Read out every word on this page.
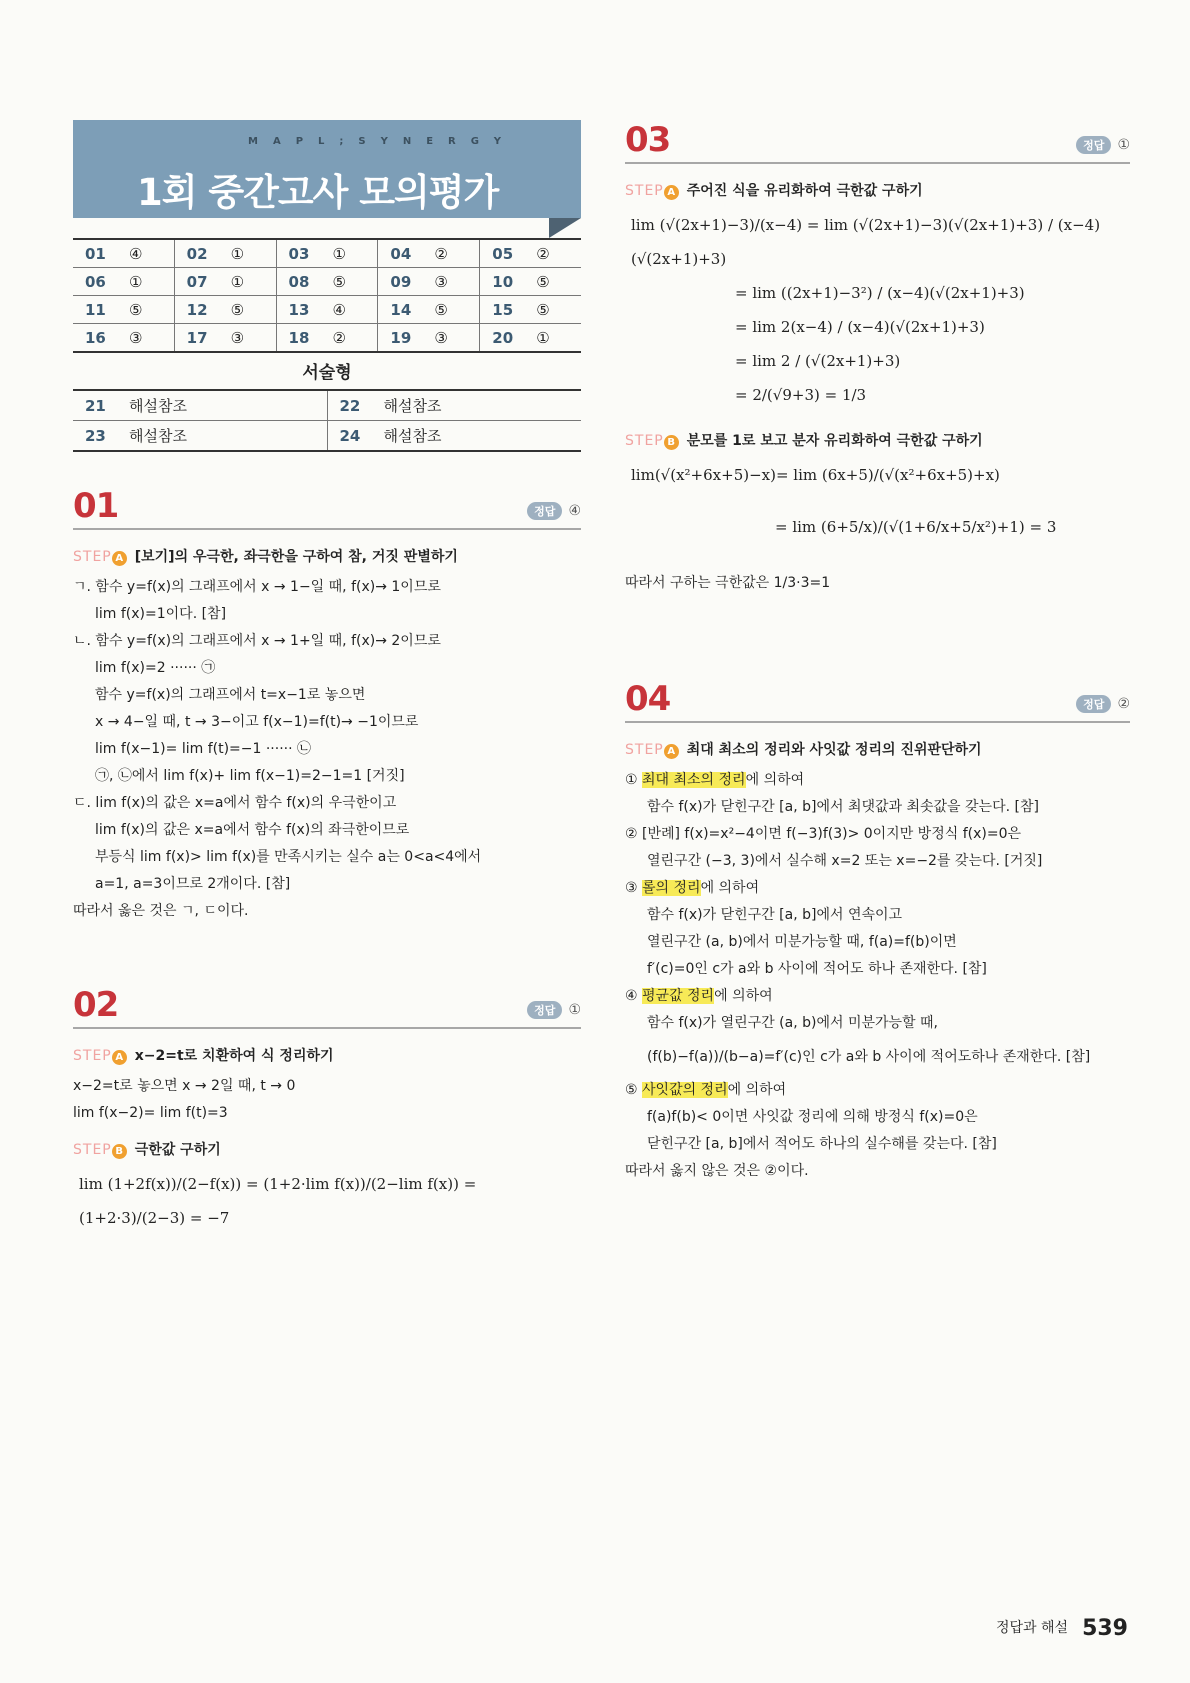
MAPL;SYNERGY
1회 중간고사 모의평가
01 ④	02 ①	03 ①	04 ②	05 ②
06 ①	07 ①	08 ⑤	09 ③	10 ⑤
11 ⑤	12 ⑤	13 ④	14 ⑤	15 ⑤
16 ③	17 ③	18 ②	19 ③	20 ①
서술형
21 해설참조	22 해설참조
23 해설참조	24 해설참조
01	정답 ④
STEP A [보기]의 우극한, 좌극한을 구하여 참, 거짓 판별하기
ㄱ. 함수 y=f(x)의 그래프에서 x → 1−일 때, f(x)→ 1이므로
lim f(x)=1이다. [참]
ㄴ. 함수 y=f(x)의 그래프에서 x → 1+일 때, f(x)→ 2이므로
lim f(x)=2 ······ ㉠
함수 y=f(x)의 그래프에서 t=x−1로 놓으면
x → 4−일 때, t → 3−이고 f(x−1)=f(t)→ −1이므로
lim f(x−1)= lim f(t)=−1 ······ ㉡
㉠, ㉡에서 lim f(x)+ lim f(x−1)=2−1=1 [거짓]
ㄷ. lim f(x)의 값은 x=a에서 함수 f(x)의 우극한이고
lim f(x)의 값은 x=a에서 함수 f(x)의 좌극한이므로
부등식 lim f(x)> lim f(x)를 만족시키는 실수 a는 0<a<4에서
a=1, a=3이므로 2개이다. [참]
따라서 옳은 것은 ㄱ, ㄷ이다.
02	정답 ①
STEP A x−2=t로 치환하여 식 정리하기
x−2=t로 놓으면 x → 2일 때, t → 0
lim f(x−2)= lim f(t)=3
STEP B 극한값 구하기
lim (1+2f(x))/(2−f(x)) = (1+2·lim f(x))/(2−lim f(x)) = (1+2·3)/(2−3) = −7
03	정답 ①
STEP A 주어진 식을 유리화하여 극한값 구하기
lim (√(2x+1)−3)/(x−4) = lim (√(2x+1)−3)(√(2x+1)+3) / (x−4)(√(2x+1)+3)
= lim ((2x+1)−3²) / (x−4)(√(2x+1)+3)
= lim 2(x−4) / (x−4)(√(2x+1)+3)
= lim 2 / (√(2x+1)+3)
= 2/(√9+3) = 1/3
STEP B 분모를 1로 보고 분자 유리화하여 극한값 구하기
lim(√(x²+6x+5)−x)= lim (6x+5)/(√(x²+6x+5)+x)
= lim (6+5/x)/(√(1+6/x+5/x²)+1) = 3
따라서 구하는 극한값은 1/3·3=1
04	정답 ②
STEP A 최대 최소의 정리와 사잇값 정리의 진위판단하기
① 최대 최소의 정리에 의하여
함수 f(x)가 닫힌구간 [a, b]에서 최댓값과 최솟값을 갖는다. [참]
② [반례] f(x)=x²−4이면 f(−3)f(3)> 0이지만 방정식 f(x)=0은
열린구간 (−3, 3)에서 실수해 x=2 또는 x=−2를 갖는다. [거짓]
③ 롤의 정리에 의하여
함수 f(x)가 닫힌구간 [a, b]에서 연속이고
열린구간 (a, b)에서 미분가능할 때, f(a)=f(b)이면
f′(c)=0인 c가 a와 b 사이에 적어도 하나 존재한다. [참]
④ 평균값 정리에 의하여
함수 f(x)가 열린구간 (a, b)에서 미분가능할 때,
(f(b)−f(a))/(b−a)=f′(c)인 c가 a와 b 사이에 적어도하나 존재한다. [참]
⑤ 사잇값의 정리에 의하여
f(a)f(b)< 0이면 사잇값 정리에 의해 방정식 f(x)=0은
닫힌구간 [a, b]에서 적어도 하나의 실수해를 갖는다. [참]
따라서 옳지 않은 것은 ②이다.
정답과 해설 539
